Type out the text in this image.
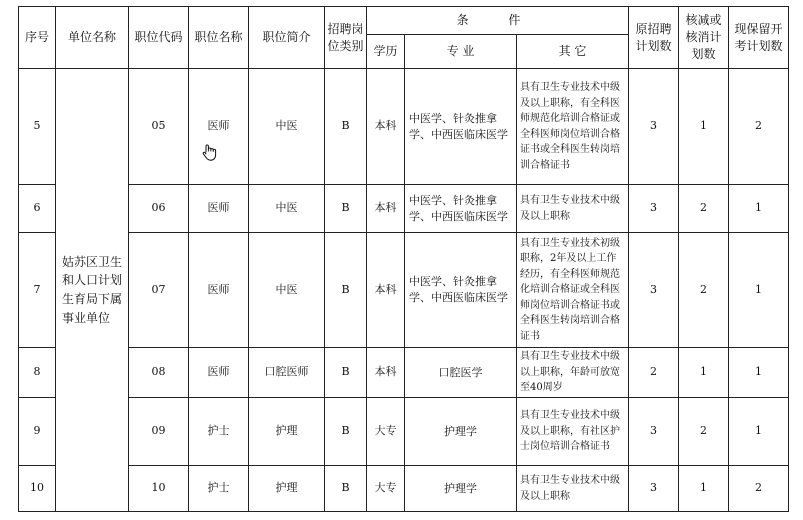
序号	单位名称	职位代码	职位名称	职位简介	招聘岗位类别	条 件			原招聘计划数	核减或核消计划数	现保留开考计划数
						学历	专 业	其 它			
5	姑苏区卫生和人口计划生育局下属事业单位	05	医师	中医	B	本科	中医学、针灸推拿学、中西医临床医学	具有卫生专业技术中级及以上职称，有全科医师规范化培训合格证或全科医师岗位培训合格证书或全科医生转岗培训合格证书	3	1	2
6		06	医师	中医	B	本科	中医学、针灸推拿学、中西医临床医学	具有卫生专业技术中级及以上职称	3	2	1
7		07	医师	中医	B	本科	中医学、针灸推拿学、中西医临床医学	具有卫生专业技术初级职称，2年及以上工作经历，有全科医师规范化培训合格证或全科医师岗位培训合格证书或全科医生转岗培训合格证书	3	2	1
8		08	医师	口腔医师	B	本科	口腔医学	具有卫生专业技术中级以上职称，年龄可放宽至40周岁	2	1	1
9		09	护士	护理	B	大专	护理学	具有卫生专业技术中级及以上职称，有社区护士岗位培训合格证书	3	2	1
10		10	护士	护理	B	大专	护理学	具有卫生专业技术中级及以上职称	3	1	2
